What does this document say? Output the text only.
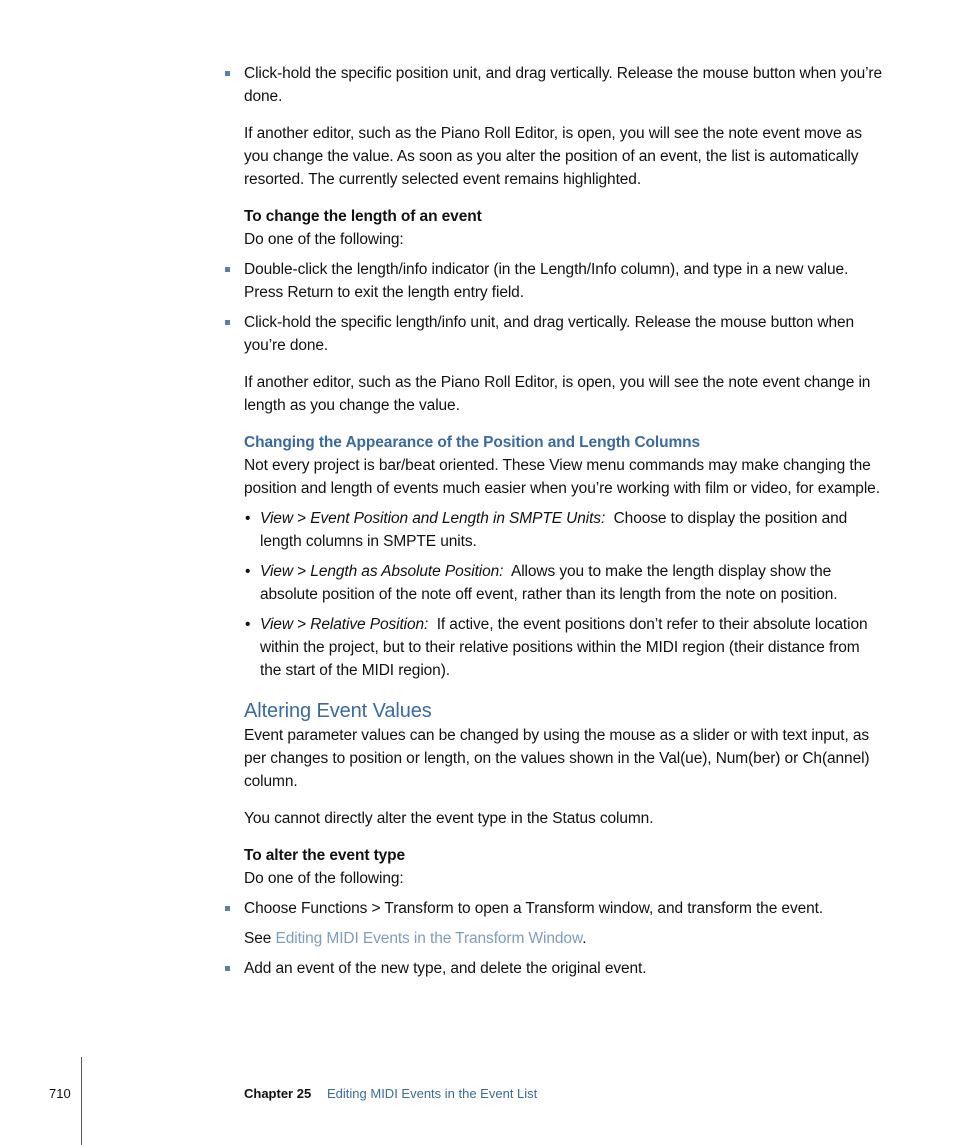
Click-hold the specific position unit, and drag vertically. Release the mouse button when you’re done.

If another editor, such as the Piano Roll Editor, is open, you will see the note event move as you change the value. As soon as you alter the position of an event, the list is automatically resorted. The currently selected event remains highlighted.

To change the length of an event

Do one of the following:

Double-click the length/info indicator (in the Length/Info column), and type in a new value. Press Return to exit the length entry field.

Click-hold the specific length/info unit, and drag vertically. Release the mouse button when you’re done.

If another editor, such as the Piano Roll Editor, is open, you will see the note event change in length as you change the value.

Changing the Appearance of the Position and Length Columns

Not every project is bar/beat oriented. These View menu commands may make changing the position and length of events much easier when you’re working with film or video, for example.

• View > Event Position and Length in SMPTE Units: Choose to display the position and length columns in SMPTE units.

• View > Length as Absolute Position: Allows you to make the length display show the absolute position of the note off event, rather than its length from the note on position.

• View > Relative Position: If active, the event positions don’t refer to their absolute location within the project, but to their relative positions within the MIDI region (their distance from the start of the MIDI region).

Altering Event Values

Event parameter values can be changed by using the mouse as a slider or with text input, as per changes to position or length, on the values shown in the Val(ue), Num(ber) or Ch(annel) column.

You cannot directly alter the event type in the Status column.

To alter the event type

Do one of the following:

Choose Functions > Transform to open a Transform window, and transform the event.

See Editing MIDI Events in the Transform Window.

Add an event of the new type, and delete the original event.

710	Chapter 25 Editing MIDI Events in the Event List
